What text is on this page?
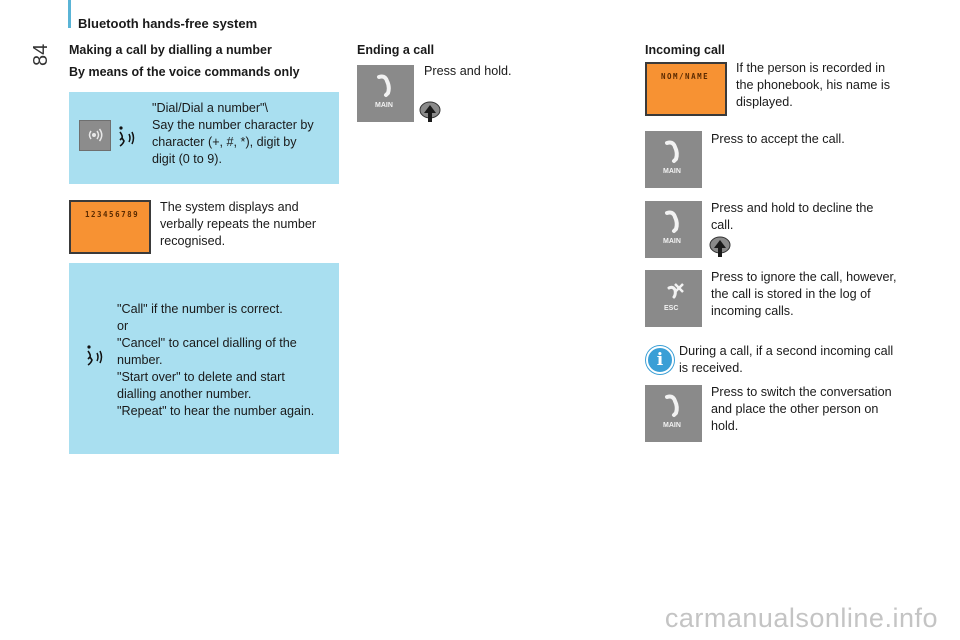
Bluetooth hands-free system
84 Making a call by dialling a number
By means of the voice commands only
"Dial/Dial a number"\
Say the number character by
character (+, #, *), digit by
digit (0 to 9).
123456789
The system displays and
verbally repeats the number
recognised.
"Call" if the number is correct.
or
"Cancel" to cancel dialling of the
number.
"Start over" to delete and start
dialling another number.
"Repeat" to hear the number again.
Ending a call
MAIN
Press and hold.
Incoming call
NOM/NAME
If the person is recorded in
the phonebook, his name is
displayed.
MAIN
Press to accept the call.
MAIN
Press and hold to decline the
call.
ESC
Press to ignore the call, however,
the call is stored in the log of
incoming calls.
i	During a call, if a second incoming call
is received.
MAIN
Press to switch the conversation
and place the other person on
hold.
carmanualsonline.info
